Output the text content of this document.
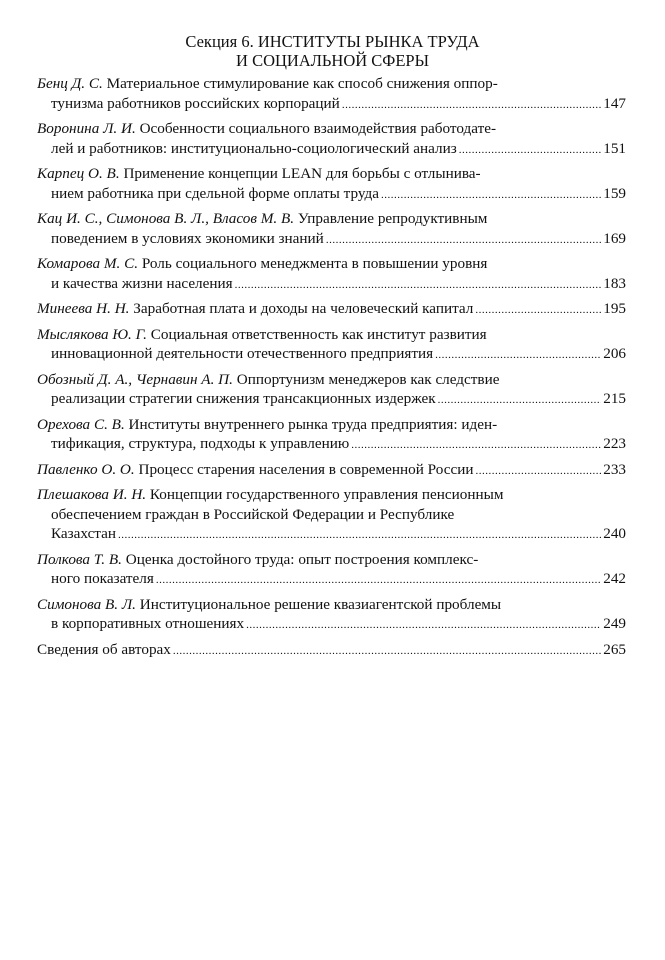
Секция 6. ИНСТИТУТЫ РЫНКА ТРУДА
И СОЦИАЛЬНОЙ СФЕРЫ
Бенц Д. С. Материальное стимулирование как способ снижения оппор-
тунизма работников российских корпораций .....	147
Воронина Л. И. Особенности социального взаимодействия работодате-
лей и работников: институционально-социологический анализ .....	151
Карпец О. В. Применение концепции LEAN для борьбы с отлынива-
нием работника при сдельной форме оплаты труда .....	159
Кац И. С., Симонова В. Л., Власов М. В. Управление репродуктивным
поведением в условиях экономики знаний .....	169
Комарова М. С. Роль социального менеджмента в повышении уровня
и качества жизни населения .....	183
Минеева Н. Н. Заработная плата и доходы на человеческий капитал .....	195
Мыслякова Ю. Г. Социальная ответственность как институт развития
инновационной деятельности отечественного предприятия .....	206
Обозный Д. А., Чернавин А. П. Оппортунизм менеджеров как следствие
реализации стратегии снижения трансакционных издержек .....	215
Орехова С. В. Институты внутреннего рынка труда предприятия: иден-
тификация, структура, подходы к управлению .....	223
Павленко О. О. Процесс старения населения в современной России .....	233
Плешакова И. Н. Концепции государственного управления пенсионным
обеспечением граждан в Российской Федерации и Республике
Казахстан .....	240
Полкова Т. В. Оценка достойного труда: опыт построения комплекс-
ного показателя .....	242
Симонова В. Л. Институциональное решение квазиагентской проблемы
в корпоративных отношениях .....	249
Сведения об авторах .....	265
